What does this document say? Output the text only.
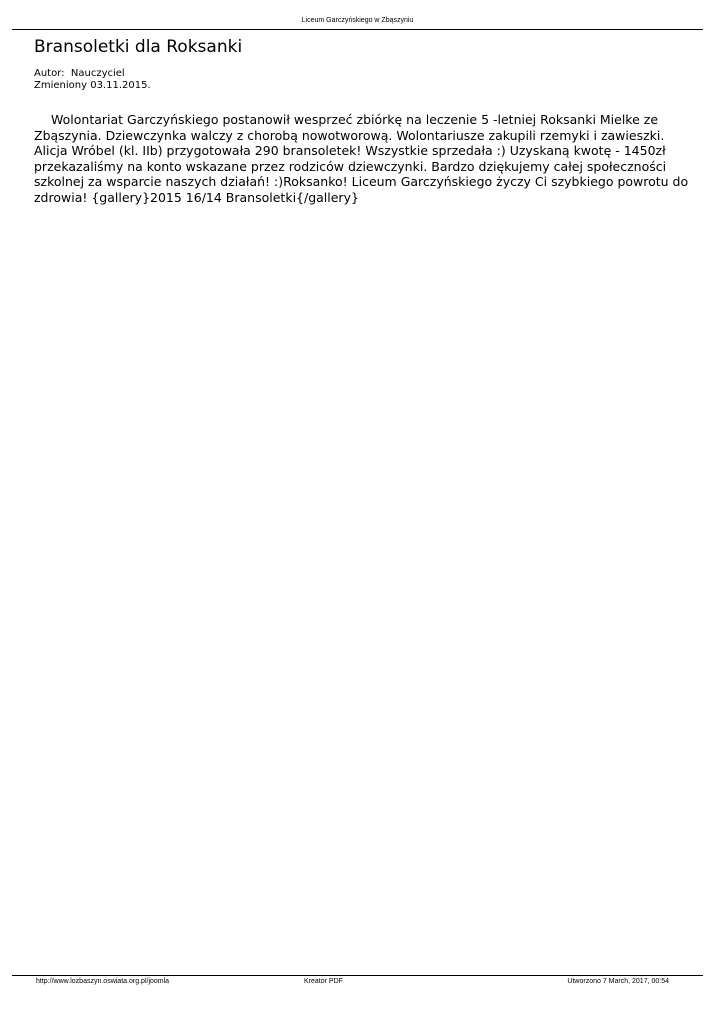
Liceum Garczyńskiego w Zbąszyniu
Bransoletki dla Roksanki
Autor: Nauczyciel
Zmieniony 03.11.2015.

Wolontariat Garczyńskiego postanowił wesprzeć zbiórkę na leczenie 5 -letniej Roksanki Mielke ze Zbąszynia. Dziewczynka walczy z chorobą nowotworową. Wolontariusze zakupili rzemyki i zawieszki. Alicja Wróbel (kl. IIb) przygotowała 290 bransoletek! Wszystkie sprzedała :) Uzyskaną kwotę - 1450zł przekazaliśmy na konto wskazane przez rodziców dziewczynki. Bardzo dziękujemy całej społeczności szkolnej za wsparcie naszych działań! :)Roksanko! Liceum Garczyńskiego życzy Ci szybkiego powrotu do zdrowia! {gallery}2015 16/14 Bransoletki{/gallery}

http://www.lozbaszyn.oswiata.org.pl/joomla	Kreator PDF	Utworzono 7 March, 2017, 00:54
